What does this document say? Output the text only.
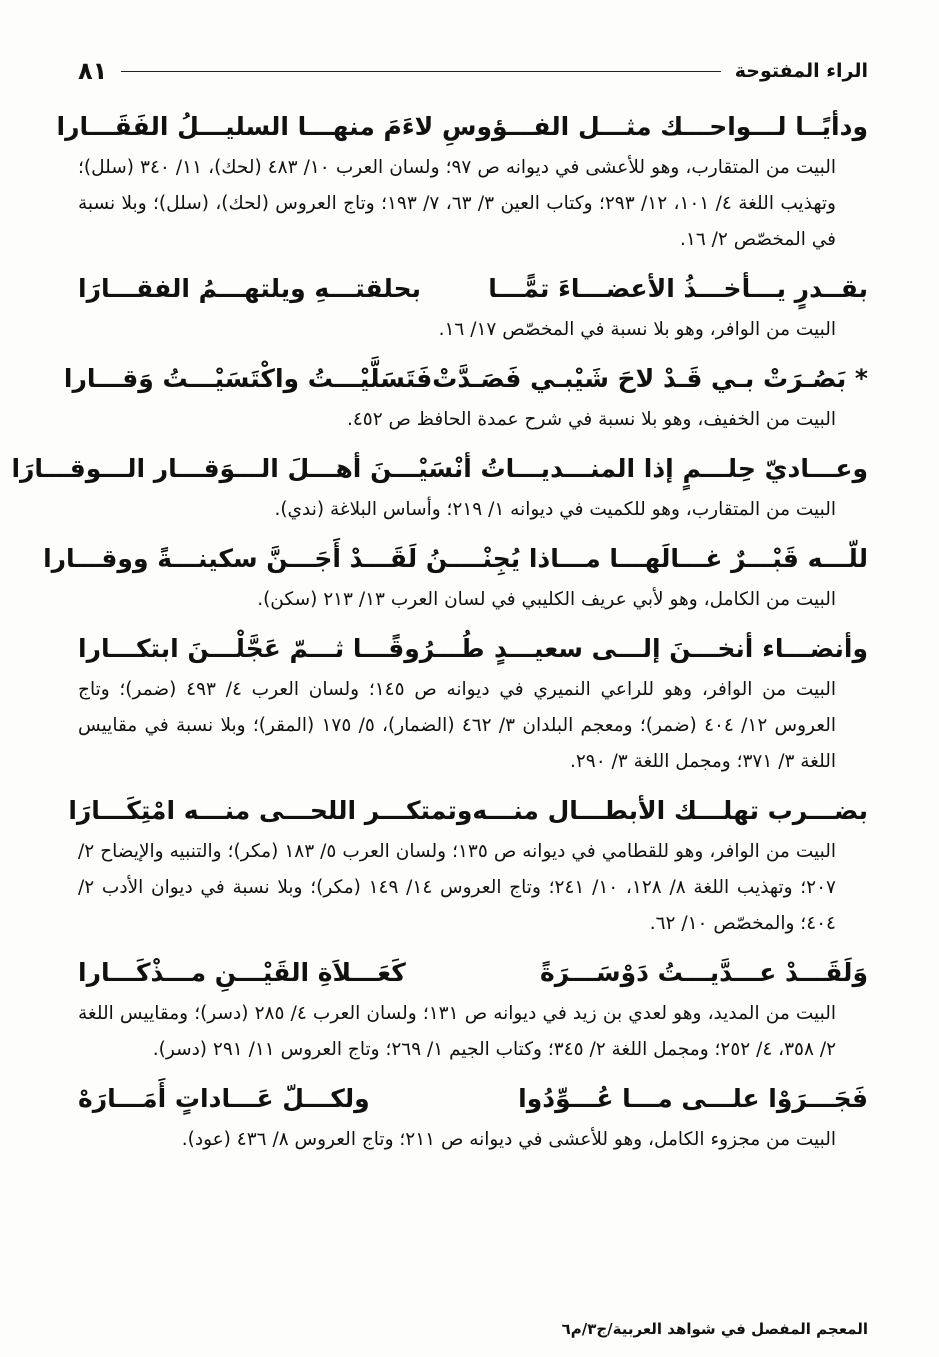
الراء المفتوحة
٨١
ودأيًــا لـــواحـــك مثـــل الفـــؤو
سِ لاءَمَ منهـــا السليـــلُ الفَقَـــارا
البيت من المتقارب، وهو للأعشى في ديوانه ص ٩٧؛ ولسان العرب ١٠/ ٤٨٣ (لحك)، ١١/ ٣٤٠ (سلل)؛ وتهذيب اللغة ٤/ ١٠١، ١٢/ ٢٩٣؛ وكتاب العين ٣/ ٦٣، ٧/ ١٩٣؛ وتاج العروس (لحك)، (سلل)؛ وبلا نسبة في المخصّص ٢/ ١٦.
بقــدرٍ يـــأخـــذُ الأعضـــاءَ تمًّـــا
بحلقتـــهِ ويلتهـــمُ الفقـــارَا
البيت من الوافر، وهو بلا نسبة في المخصّص ١٧/ ١٦.
* بَصُـرَتْ بـي قَـدْ لاحَ شَيْبـي فَصَـدَّتْ
فَتَسَلَّيْـــتُ واكْتَسَيْـــتُ وَقـــارا
البيت من الخفيف، وهو بلا نسبة في شرح عمدة الحافظ ص ٤٥٢.
وعـــاديّ حِلـــمٍ إذا المنـــديـــا
تُ أنْسَيْـــنَ أهـــلَ الـــوَقـــار الـــوقـــارَا
البيت من المتقارب، وهو للكميت في ديوانه ١/ ٢١٩؛ وأساس البلاغة (ندي).
للّـــه قَبْـــرٌ غـــالَهـــا مـــاذا يُجِنْـ
ـــنُ لَقَـــدْ أَجَـــنَّ سكينـــةً ووقـــارا
البيت من الكامل، وهو لأبي عريف الكليبي في لسان العرب ١٣/ ٢١٣ (سكن).
وأنضـــاء أنخـــنَ إلـــى سعيـــدٍ
طُـــرُوقًـــا ثـــمّ عَجَّلْـــنَ ابتكـــارا
البيت من الوافر، وهو للراعي النميري في ديوانه ص ١٤٥؛ ولسان العرب ٤/ ٤٩٣ (ضمر)؛ وتاج العروس ١٢/ ٤٠٤ (ضمر)؛ ومعجم البلدان ٣/ ٤٦٢ (الضمار)، ٥/ ١٧٥ (المقر)؛ وبلا نسبة في مقاييس اللغة ٣/ ٣٧١؛ ومجمل اللغة ٣/ ٢٩٠.
بضـــرب تهلـــك الأبطـــال منـــه
وتمتكـــر اللحـــى منـــه امْتِكَـــارَا
البيت من الوافر، وهو للقطامي في ديوانه ص ١٣٥؛ ولسان العرب ٥/ ١٨٣ (مكر)؛ والتنبيه والإيضاح ٢/ ٢٠٧؛ وتهذيب اللغة ٨/ ١٢٨، ١٠/ ٢٤١؛ وتاج العروس ١٤/ ١٤٩ (مكر)؛ وبلا نسبة في ديوان الأدب ٢/ ٤٠٤؛ والمخصّص ١٠/ ٦٢.
وَلَقَـــدْ عـــدَّيـــتُ دَوْسَـــرَةً
كَعَـــلاَةِ القَيْـــنِ مـــذْكَـــارا
البيت من المديد، وهو لعدي بن زيد في ديوانه ص ١٣١؛ ولسان العرب ٤/ ٢٨٥ (دسر)؛ ومقاييس اللغة ٢/ ٣٥٨، ٤/ ٢٥٢؛ ومجمل اللغة ٢/ ٣٤٥؛ وكتاب الجيم ١/ ٢٦٩؛ وتاج العروس ١١/ ٢٩١ (دسر).
فَجَـــرَوْا علـــى مـــا عُـــوِّدُوا
ولكـــلّ عَـــاداتٍ أَمَـــارَهْ
البيت من مجزوء الكامل، وهو للأعشى في ديوانه ص ٢١١؛ وتاج العروس ٨/ ٤٣٦ (عود).
المعجم المفصل في شواهد العربية/ج٣/م٦
